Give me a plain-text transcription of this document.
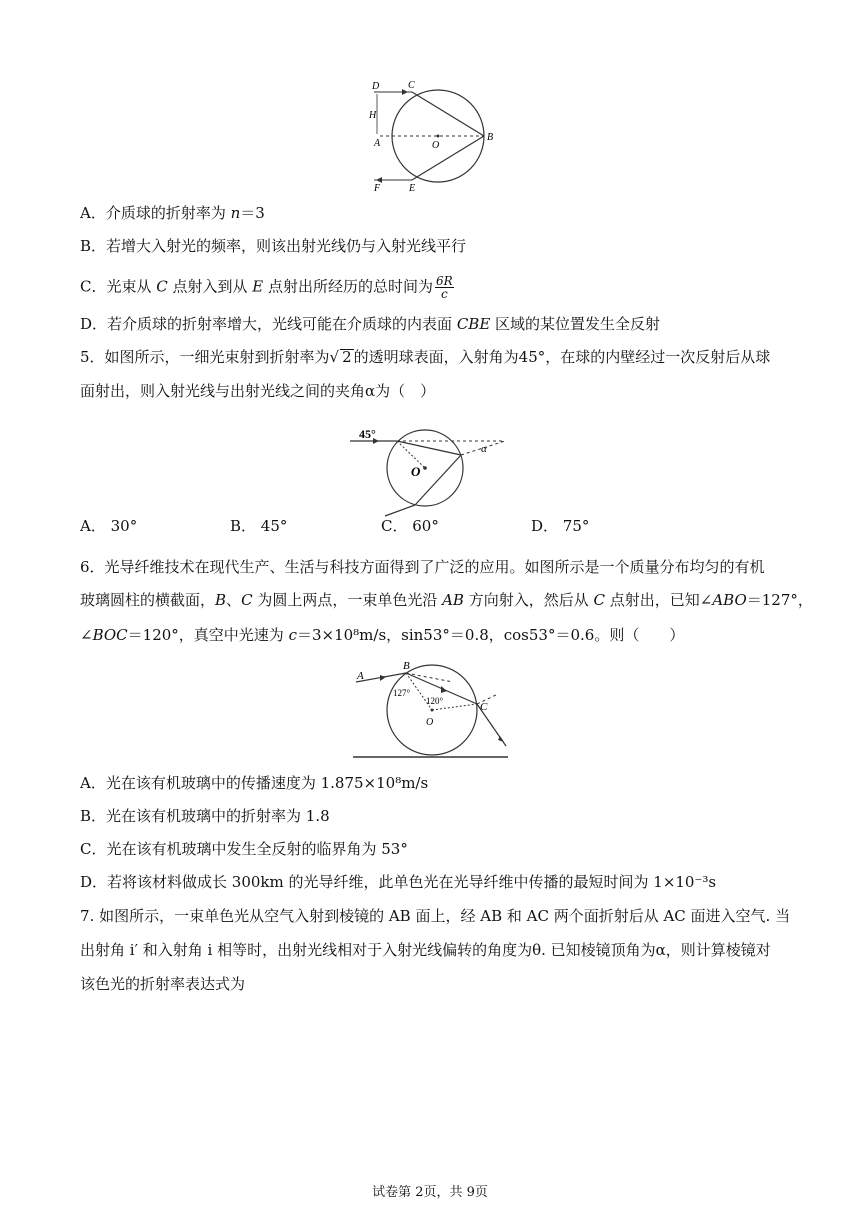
D	C
H
A	O
B
F	E
A．介质球的折射率为 n＝3
B．若增大入射光的频率，则该出射光线仍与入射光线平行
C．光束从 C 点射入到从 E 点射出所经历的总时间为 $\frac{6R}{c}$
D．若介质球的折射率增大，光线可能在介质球的内表面 CBE 区域的某位置发生全反射
5．如图所示，一细光束射到折射率为√ 2 的透明球表面，入射角为45°，在球的内壁经过一次反射后从球
面射出，则入射光线与出射光线之间的夹角α为（　）
45°
O
α
A． 30°	B． 45°	C． 60°	D． 75°
6．光导纤维技术在现代生产、生活与科技方面得到了广泛的应用。如图所示是一个质量分布均匀的有机
玻璃圆柱的横截面，B、C 为圆上两点，一束单色光沿 AB 方向射入，然后从 C 点射出，已知∠ABO＝127°，
∠BOC＝120°，真空中光速为 c＝3×10⁸m/s，sin53°＝0.8，cos53°＝0.6。则（　　）
A
B
C
O
127°
120°
A．光在该有机玻璃中的传播速度为 1.875×10⁸m/s
B．光在该有机玻璃中的折射率为 1.8
C．光在该有机玻璃中发生全反射的临界角为 53°
D．若将该材料做成长 300km 的光导纤维，此单色光在光导纤维中传播的最短时间为 1×10⁻³s
7. 如图所示，一束单色光从空气入射到棱镜的 AB 面上，经 AB 和 AC 两个面折射后从 AC 面进入空气. 当
出射角 i′ 和入射角 i 相等时，出射光线相对于入射光线偏转的角度为θ. 已知棱镜顶角为α，则计算棱镜对
该色光的折射率表达式为
试卷第 2页，共 9页
